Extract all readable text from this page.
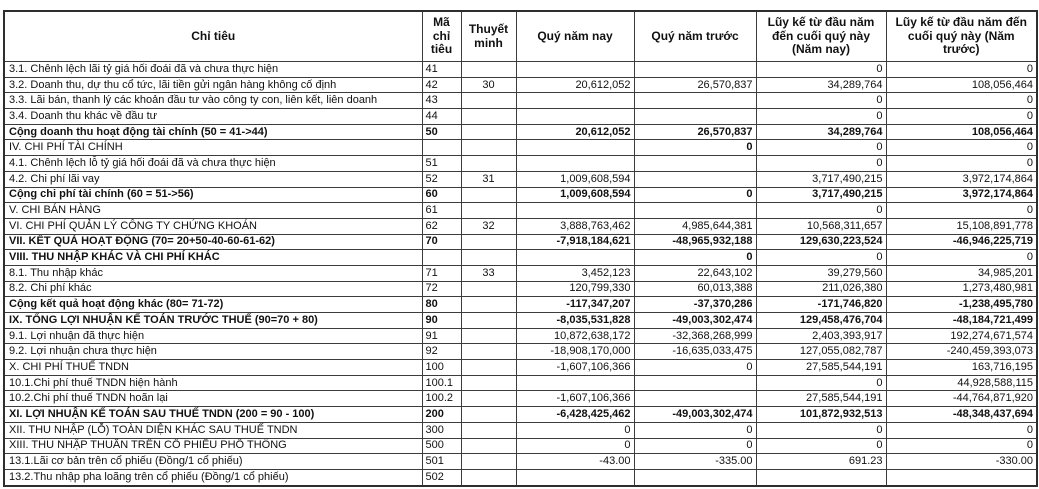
Chỉ tiêu	Mã chỉ tiêu	Thuyết minh	Quý năm nay	Quý năm trước	Lũy kế từ đầu năm đến cuối quý này (Năm nay)	Lũy kế từ đầu năm đến cuối quý này (Năm trước)
3.1. Chênh lệch lãi tỷ giá hối đoái đã và chưa thực hiện	41				0	0
3.2. Doanh thu, dự thu cổ tức, lãi tiền gửi ngân hàng không cố định	42	30	20,612,052	26,570,837	34,289,764	108,056,464
3.3. Lãi bán, thanh lý các khoản đầu tư vào công ty con, liên kết, liên doanh	43				0	0
3.4. Doanh thu khác về đầu tư	44				0	0
Cộng doanh thu hoạt động tài chính (50 = 41->44)	50		20,612,052	26,570,837	34,289,764	108,056,464
IV. CHI PHÍ TÀI CHÍNH				0	0	0
4.1. Chênh lệch lỗ tỷ giá hối đoái đã và chưa thực hiện	51				0	0
4.2. Chi phí lãi vay	52	31	1,009,608,594		3,717,490,215	3,972,174,864
Cộng chi phí tài chính (60 = 51->56)	60		1,009,608,594	0	3,717,490,215	3,972,174,864
V. CHI BÁN HÀNG	61				0	0
VI. CHI PHÍ QUẢN LÝ CÔNG TY CHỨNG KHOÁN	62	32	3,888,763,462	4,985,644,381	10,568,311,657	15,108,891,778
VII. KẾT QUẢ HOẠT ĐỘNG (70= 20+50-40-60-61-62)	70		-7,918,184,621	-48,965,932,188	129,630,223,524	-46,946,225,719
VIII. THU NHẬP KHÁC VÀ CHI PHÍ KHÁC				0	0	0
8.1. Thu nhập khác	71	33	3,452,123	22,643,102	39,279,560	34,985,201
8.2. Chi phí khác	72		120,799,330	60,013,388	211,026,380	1,273,480,981
Cộng kết quả hoạt động khác (80= 71-72)	80		-117,347,207	-37,370,286	-171,746,820	-1,238,495,780
IX. TỔNG LỢI NHUẬN KẾ TOÁN TRƯỚC THUẾ (90=70 + 80)	90		-8,035,531,828	-49,003,302,474	129,458,476,704	-48,184,721,499
9.1. Lợi nhuận đã thực hiện	91		10,872,638,172	-32,368,268,999	2,403,393,917	192,274,671,574
9.2. Lợi nhuận chưa thực hiện	92		-18,908,170,000	-16,635,033,475	127,055,082,787	-240,459,393,073
X. CHI PHÍ THUẾ TNDN	100		-1,607,106,366	0	27,585,544,191	163,716,195
10.1.Chi phí thuế TNDN hiện hành	100.1				0	44,928,588,115
10.2.Chi phí thuế TNDN hoãn lại	100.2		-1,607,106,366		27,585,544,191	-44,764,871,920
XI. LỢI NHUẬN KẾ TOÁN SAU THUẾ TNDN (200 = 90 - 100)	200		-6,428,425,462	-49,003,302,474	101,872,932,513	-48,348,437,694
XII. THU NHẬP (LỖ) TOÀN DIỆN KHÁC SAU THUẾ TNDN	300		0	0	0	0
XIII. THU NHẬP THUẦN TRÊN CỔ PHIẾU PHỔ THÔNG	500		0	0	0	0
13.1.Lãi cơ bản trên cổ phiếu (Đồng/1 cổ phiếu)	501		-43.00	-335.00	691.23	-330.00
13.2.Thu nhập pha loãng trên cổ phiếu (Đồng/1 cổ phiếu)	502					
